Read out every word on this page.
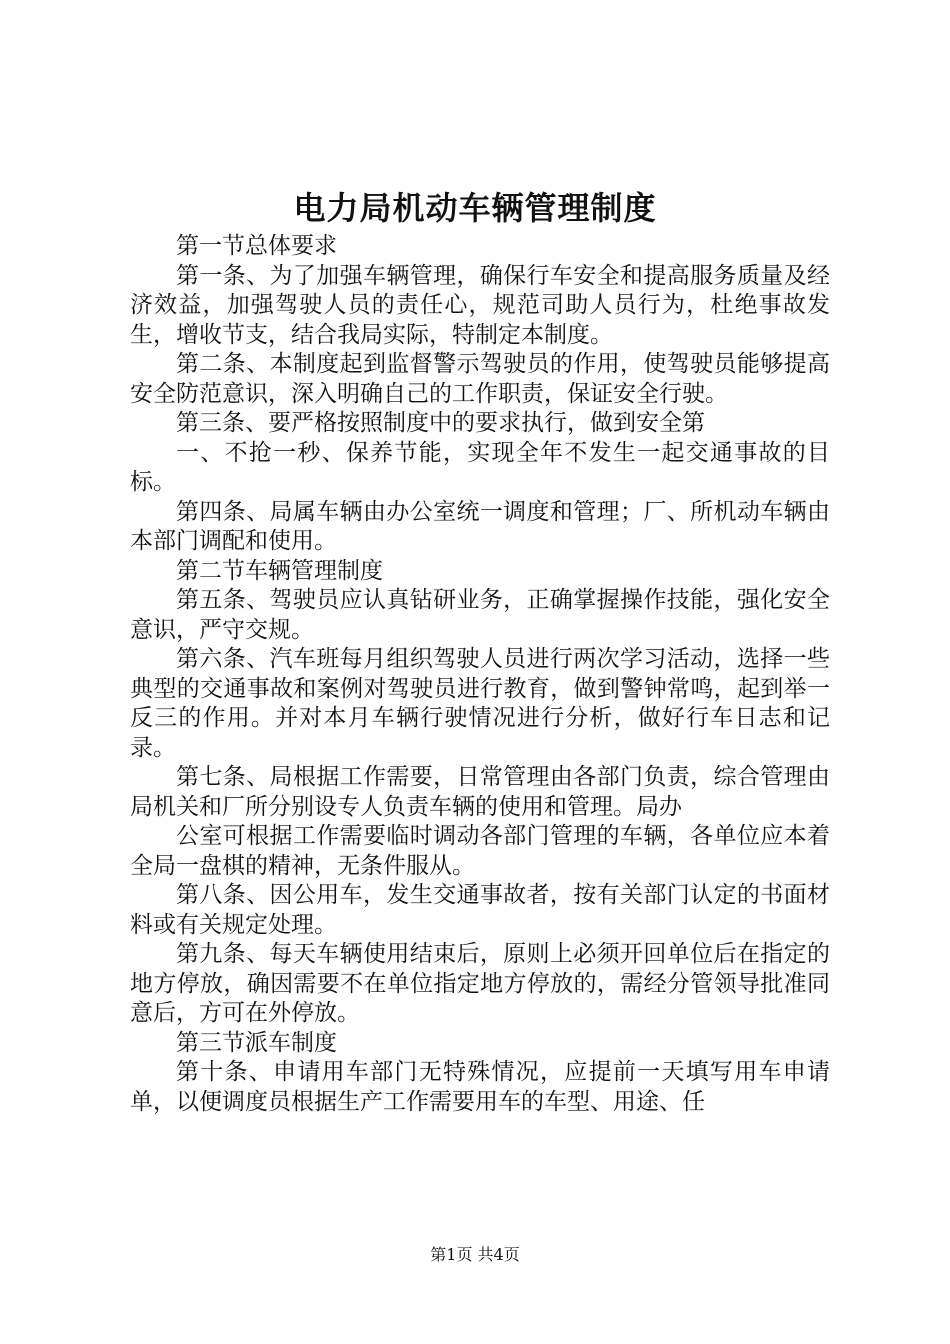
电力局机动车辆管理制度

第一节总体要求

第一条、为了加强车辆管理，确保行车安全和提高服务质量及经济效益，加强驾驶人员的责任心，规范司助人员行为，杜绝事故发生，增收节支，结合我局实际，特制定本制度。

第二条、本制度起到监督警示驾驶员的作用，使驾驶员能够提高安全防范意识，深入明确自己的工作职责，保证安全行驶。

第三条、要严格按照制度中的要求执行，做到安全第

一、不抢一秒、保养节能，实现全年不发生一起交通事故的目标。

第四条、局属车辆由办公室统一调度和管理；厂、所机动车辆由本部门调配和使用。

第二节车辆管理制度

第五条、驾驶员应认真钻研业务，正确掌握操作技能，强化安全意识，严守交规。

第六条、汽车班每月组织驾驶人员进行两次学习活动，选择一些典型的交通事故和案例对驾驶员进行教育，做到警钟常鸣，起到举一反三的作用。并对本月车辆行驶情况进行分析，做好行车日志和记录。

第七条、局根据工作需要，日常管理由各部门负责，综合管理由局机关和厂所分别设专人负责车辆的使用和管理。局办

公室可根据工作需要临时调动各部门管理的车辆，各单位应本着全局一盘棋的精神，无条件服从。

第八条、因公用车，发生交通事故者，按有关部门认定的书面材料或有关规定处理。

第九条、每天车辆使用结束后，原则上必须开回单位后在指定的地方停放，确因需要不在单位指定地方停放的，需经分管领导批准同意后，方可在外停放。

第三节派车制度

第十条、申请用车部门无特殊情况，应提前一天填写用车申请单，以便调度员根据生产工作需要用车的车型、用途、任

第1页 共4页
